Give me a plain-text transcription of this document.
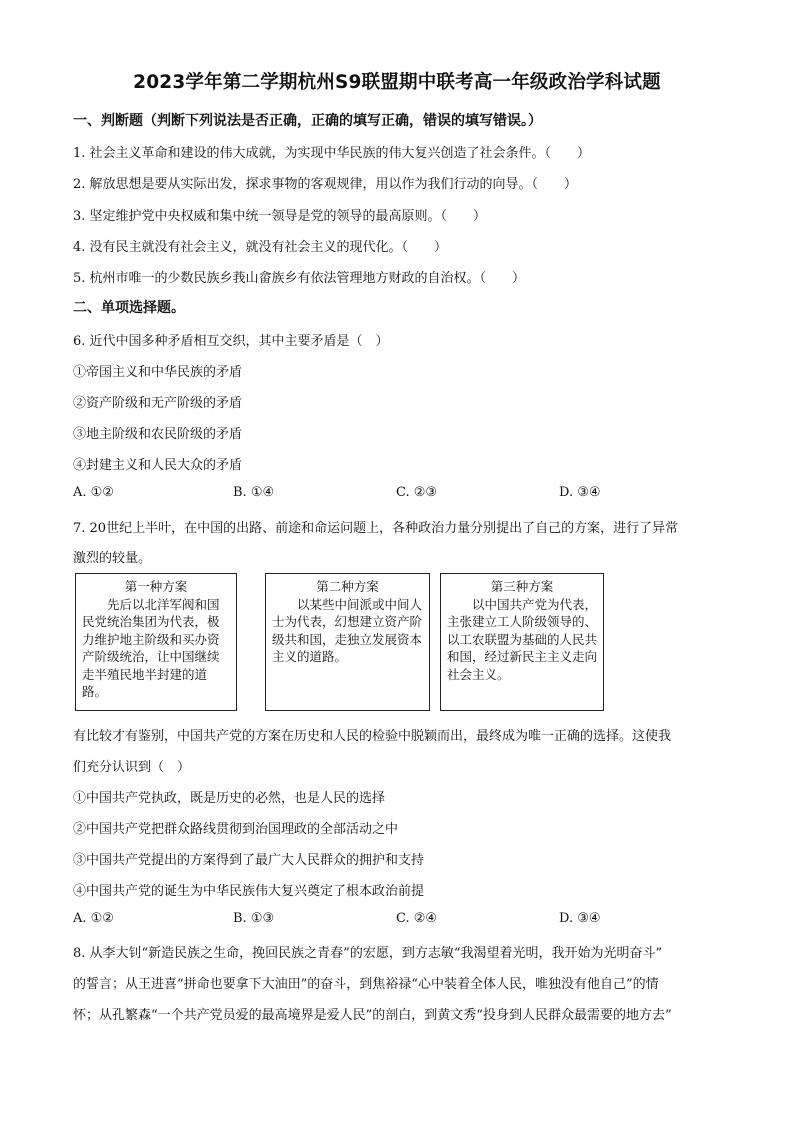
2023学年第二学期杭州S9联盟期中联考高一年级政治学科试题
一、判断题（判断下列说法是否正确，正确的填写正确，错误的填写错误。）
1. 社会主义革命和建设的伟大成就，为实现中华民族的伟大复兴创造了社会条件。（　　）
2. 解放思想是要从实际出发，探求事物的客观规律，用以作为我们行动的向导。（　　）
3. 坚定维护党中央权威和集中统一领导是党的领导的最高原则。（　　）
4. 没有民主就没有社会主义，就没有社会主义的现代化。（　　）
5. 杭州市唯一的少数民族乡莪山畲族乡有依法管理地方财政的自治权。（　　）
二、单项选择题。
6. 近代中国多种矛盾相互交织，其中主要矛盾是（　）
①帝国主义和中华民族的矛盾
②资产阶级和无产阶级的矛盾
③地主阶级和农民阶级的矛盾
④封建主义和人民大众的矛盾
A. ①②	B. ①④	C. ②③	D. ③④
7. 20世纪上半叶，在中国的出路、前途和命运问题上，各种政治力量分别提出了自己的方案，进行了异常
激烈的较量。
第一种方案
先后以北洋军阀和国民党统治集团为代表，极力维护地主阶级和买办资产阶级统治，让中国继续走半殖民地半封建的道路。
第二种方案
以某些中间派或中间人士为代表，幻想建立资产阶级共和国，走独立发展资本主义的道路。
第三种方案
以中国共产党为代表，主张建立工人阶级领导的、以工农联盟为基础的人民共和国，经过新民主主义走向社会主义。
有比较才有鉴别，中国共产党的方案在历史和人民的检验中脱颖而出，最终成为唯一正确的选择。这使我
们充分认识到（　）
①中国共产党执政，既是历史的必然，也是人民的选择
②中国共产党把群众路线贯彻到治国理政的全部活动之中
③中国共产党提出的方案得到了最广大人民群众的拥护和支持
④中国共产党的诞生为中华民族伟大复兴奠定了根本政治前提
A. ①②	B. ①③	C. ②④	D. ③④
8. 从李大钊“新造民族之生命，挽回民族之青春”的宏愿，到方志敏“我渴望着光明，我开始为光明奋斗”
的誓言；从王进喜“拼命也要拿下大油田”的奋斗，到焦裕禄“心中装着全体人民，唯独没有他自己”的情
怀；从孔繁森“一个共产党员爱的最高境界是爱人民”的剖白，到黄文秀“投身到人民群众最需要的地方去”
